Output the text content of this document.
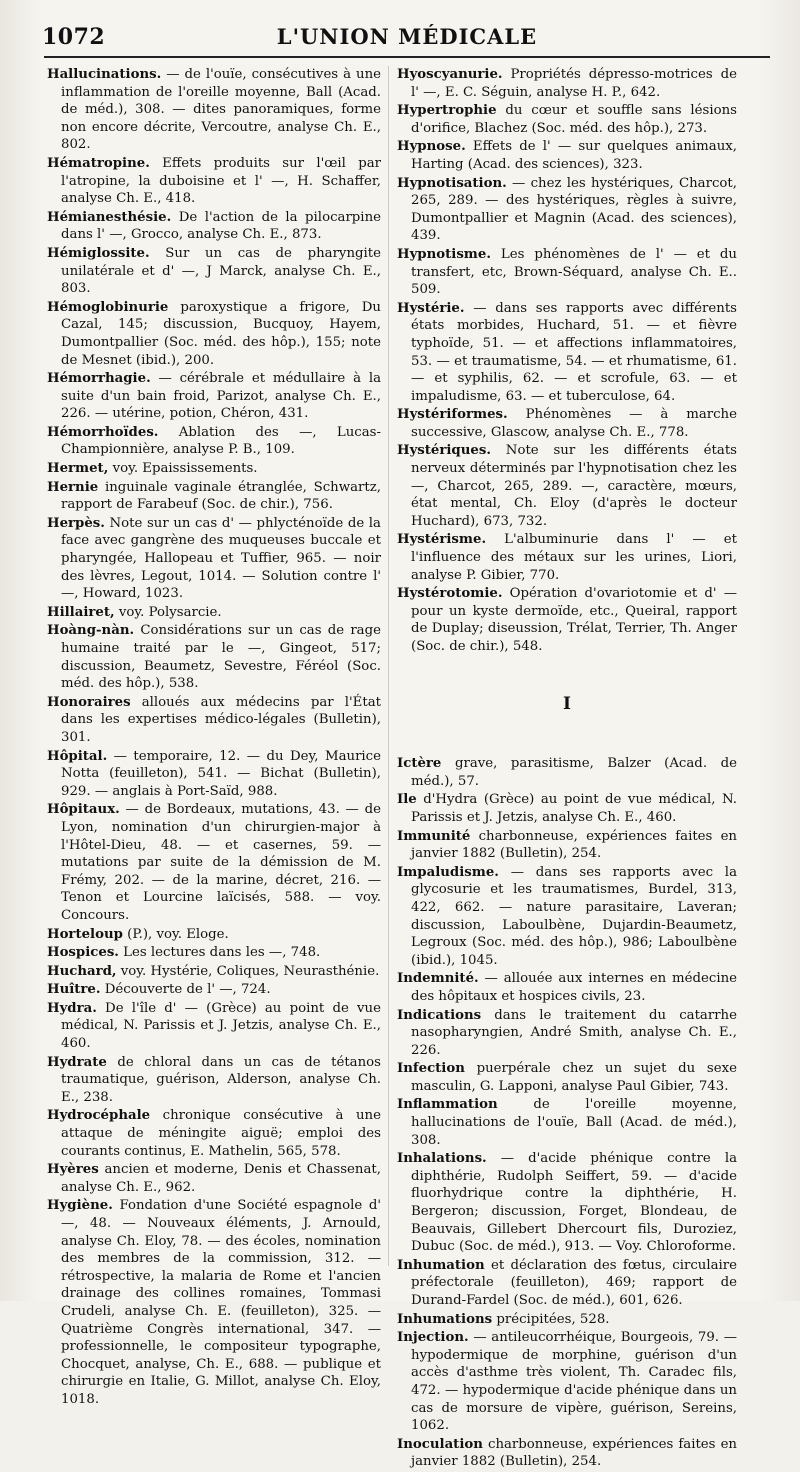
1072	L'UNION MÉDICALE

Hallucinations. — de l'ouïe, consécutives à une inflammation de l'oreille moyenne, Ball (Acad. de méd.), 308. — dites panoramiques, forme non encore décrite, Vercoutre, analyse Ch. E., 802.

Hématropine. Effets produits sur l'œil par l'atropine, la duboisine et l' —, H. Schaffer, analyse Ch. E., 418.

Hémianesthésie. De l'action de la pilocarpine dans l' —, Grocco, analyse Ch. E., 873.

Hémiglossite. Sur un cas de pharyngite unilatérale et d' —, J Marck, analyse Ch. E., 803.

Hémoglobinurie paroxystique a frigore, Du Cazal, 145; discussion, Bucquoy, Hayem, Dumontpallier (Soc. méd. des hôp.), 155; note de Mesnet (ibid.), 200.

Hémorrhagie. — cérébrale et médullaire à la suite d'un bain froid, Parizot, analyse Ch. E., 226. — utérine, potion, Chéron, 431.

Hémorrhoïdes. Ablation des —, Lucas-Championnière, analyse P. B., 109.

Hermet, voy. Epaississements.

Hernie inguinale vaginale étranglée, Schwartz, rapport de Farabeuf (Soc. de chir.), 756.

Herpès. Note sur un cas d' — phlycténoïde de la face avec gangrène des muqueuses buccale et pharyngée, Hallopeau et Tuffier, 965. — noir des lèvres, Legout, 1014. — Solution contre l' —, Howard, 1023.

Hillairet, voy. Polysarcie.

Hoàng-nàn. Considérations sur un cas de rage humaine traité par le —, Gingeot, 517; discussion, Beaumetz, Sevestre, Féréol (Soc. méd. des hôp.), 538.

Honoraires alloués aux médecins par l'État dans les expertises médico-légales (Bulletin), 301.

Hôpital. — temporaire, 12. — du Dey, Maurice Notta (feuilleton), 541. — Bichat (Bulletin), 929. — anglais à Port-Saïd, 988.

Hôpitaux. — de Bordeaux, mutations, 43. — de Lyon, nomination d'un chirurgien-major à l'Hôtel-Dieu, 48. — et casernes, 59. — mutations par suite de la démission de M. Frémy, 202. — de la marine, décret, 216. — Tenon et Lourcine laïcisés, 588. — voy. Concours.

Horteloup (P.), voy. Eloge.

Hospices. Les lectures dans les —, 748.

Huchard, voy. Hystérie, Coliques, Neurasthénie.

Huître. Découverte de l' —, 724.

Hydra. De l'île d' — (Grèce) au point de vue médical, N. Parissis et J. Jetzis, analyse Ch. E., 460.

Hydrate de chloral dans un cas de tétanos traumatique, guérison, Alderson, analyse Ch. E., 238.

Hydrocéphale chronique consécutive à une attaque de méningite aiguë; emploi des courants continus, E. Mathelin, 565, 578.

Hyères ancien et moderne, Denis et Chassenat, analyse Ch. E., 962.

Hygiène. Fondation d'une Société espagnole d' —, 48. — Nouveaux éléments, J. Arnould, analyse Ch. Eloy, 78. — des écoles, nomination des membres de la commission, 312. — rétrospective, la malaria de Rome et l'ancien drainage des collines romaines, Tommasi Crudeli, analyse Ch. E. (feuilleton), 325. — Quatrième Congrès international, 347. — professionnelle, le compositeur typographe, Chocquet, analyse, Ch. E., 688. — publique et chirurgie en Italie, G. Millot, analyse Ch. Eloy, 1018.

Hyoscyanurie. Propriétés dépresso-motrices de l' —, E. C. Séguin, analyse H. P., 642.

Hypertrophie du cœur et souffle sans lésions d'orifice, Blachez (Soc. méd. des hôp.), 273.

Hypnose. Effets de l' — sur quelques animaux, Harting (Acad. des sciences), 323.

Hypnotisation. — chez les hystériques, Charcot, 265, 289. — des hystériques, règles à suivre, Dumontpallier et Magnin (Acad. des sciences), 439.

Hypnotisme. Les phénomènes de l' — et du transfert, etc, Brown-Séquard, analyse Ch. E.. 509.

Hystérie. — dans ses rapports avec différents états morbides, Huchard, 51. — et fièvre typhoïde, 51. — et affections inflammatoires, 53. — et traumatisme, 54. — et rhumatisme, 61. — et syphilis, 62. — et scrofule, 63. — et impaludisme, 63. — et tuberculose, 64.

Hystériformes. Phénomènes — à marche successive, Glascow, analyse Ch. E., 778.

Hystériques. Note sur les différents états nerveux déterminés par l'hypnotisation chez les —, Charcot, 265, 289. —, caractère, mœurs, état mental, Ch. Eloy (d'après le docteur Huchard), 673, 732.

Hystérisme. L'albuminurie dans l' — et l'influence des métaux sur les urines, Liori, analyse P. Gibier, 770.

Hystérotomie. Opération d'ovariotomie et d' — pour un kyste dermoïde, etc., Queiral, rapport de Duplay; diseussion, Trélat, Terrier, Th. Anger (Soc. de chir.), 548.

I

Ictère grave, parasitisme, Balzer (Acad. de méd.), 57.

Ile d'Hydra (Grèce) au point de vue médical, N. Parissis et J. Jetzis, analyse Ch. E., 460.

Immunité charbonneuse, expériences faites en janvier 1882 (Bulletin), 254.

Impaludisme. — dans ses rapports avec la glycosurie et les traumatismes, Burdel, 313, 422, 662. — nature parasitaire, Laveran; discussion, Laboulbène, Dujardin-Beaumetz, Legroux (Soc. méd. des hôp.), 986; Laboulbène (ibid.), 1045.

Indemnité. — allouée aux internes en médecine des hôpitaux et hospices civils, 23.

Indications dans le traitement du catarrhe nasopharyngien, André Smith, analyse Ch. E., 226.

Infection puerpérale chez un sujet du sexe masculin, G. Lapponi, analyse Paul Gibier, 743.

Inflammation de l'oreille moyenne, hallucinations de l'ouïe, Ball (Acad. de méd.), 308.

Inhalations. — d'acide phénique contre la diphthérie, Rudolph Seiffert, 59. — d'acide fluorhydrique contre la diphthérie, H. Bergeron; discussion, Forget, Blondeau, de Beauvais, Gillebert Dhercourt fils, Duroziez, Dubuc (Soc. de méd.), 913. — Voy. Chloroforme.

Inhumation et déclaration des fœtus, circulaire préfectorale (feuilleton), 469; rapport de Durand-Fardel (Soc. de méd.), 601, 626.

Inhumations précipitées, 528.

Injection. — antileucorrhéique, Bourgeois, 79. — hypodermique de morphine, guérison d'un accès d'asthme très violent, Th. Caradec fils, 472. — hypodermique d'acide phénique dans un cas de morsure de vipère, guérison, Sereins, 1062.

Inoculation charbonneuse, expériences faites en janvier 1882 (Bulletin), 254.
